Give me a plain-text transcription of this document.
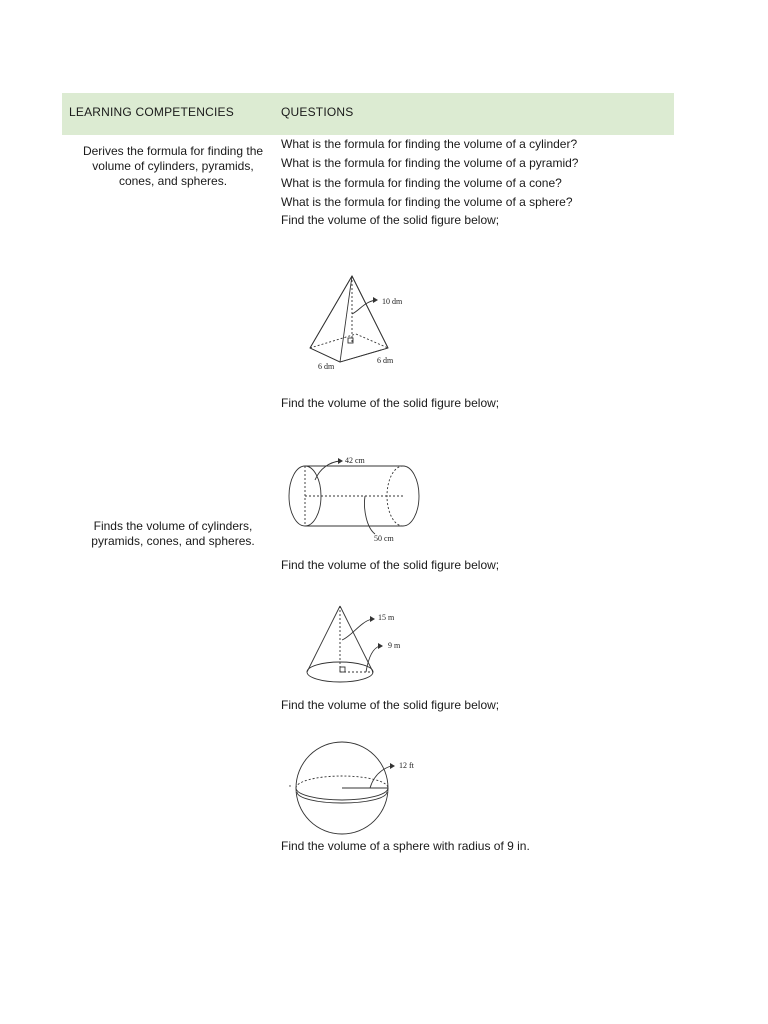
LEARNING COMPETENCIES	QUESTIONS
Derives the formula for finding the volume of cylinders, pyramids, cones, and spheres.
Finds the volume of cylinders, pyramids, cones, and spheres.
What is the formula for finding the volume of a cylinder?
What is the formula for finding the volume of a pyramid?
What is the formula for finding the volume of a cone?
What is the formula for finding the volume of a sphere?
Find the volume of the solid figure below;
Find the volume of the solid figure below;
Find the volume of the solid figure below;
Find the volume of the solid figure below;
Find the volume of a sphere with radius of 9 in.
10 dm
6 dm
6 dm
42 cm
50 cm
15 m
9 m
12 ft
